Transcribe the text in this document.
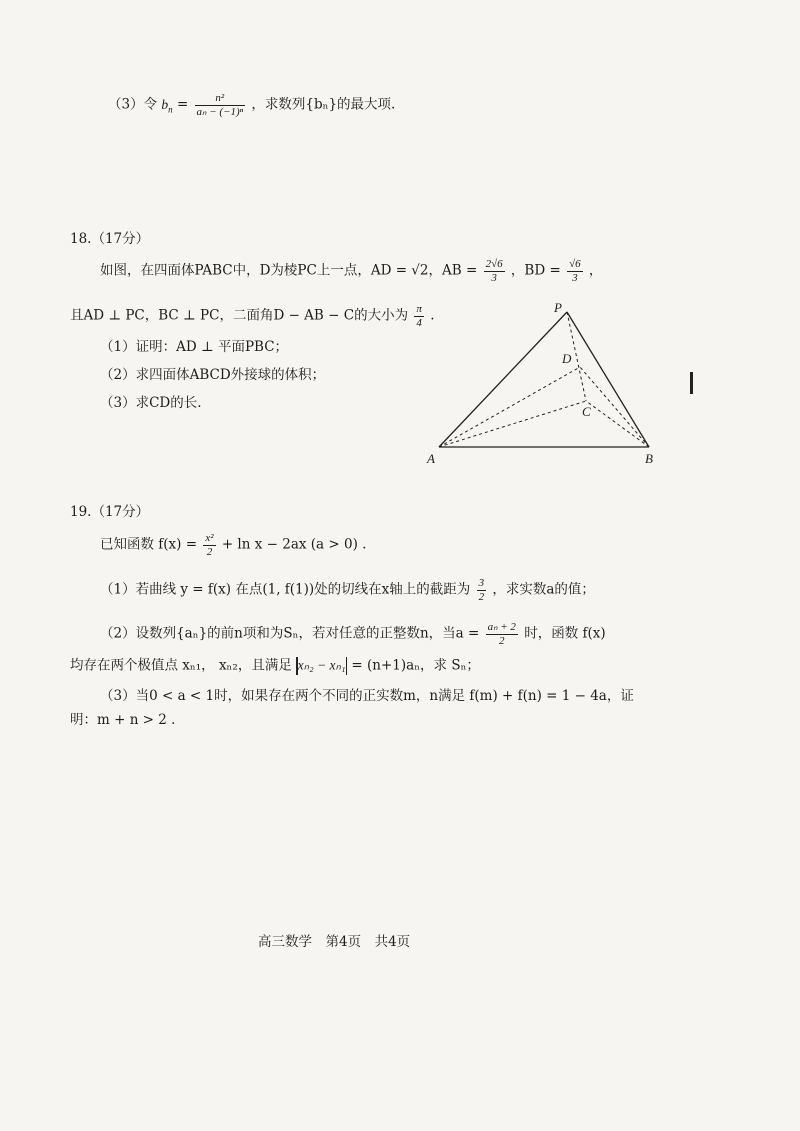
（3）令 $b_n = \frac{\text{n²}}{\text{aₙ − (−1)ⁿ}}$ ，求数列{bₙ}的最大项.
18.（17分）
如图，在四面体PABC中，D为棱PC上一点，AD = √2，AB = $\frac{2√6}{3}$ ，BD = $\frac{√6}{3}$ ，
且AD ⊥ PC，BC ⊥ PC，二面角D − AB − C的大小为 $\frac{\pi}{4}$ .
（1）证明：AD ⊥ 平面PBC；
（2）求四面体ABCD外接球的体积；
（3）求CD的长.
P
D
C
A	B
19.（17分）
已知函数 $f(x) = \frac{\text{x²}}{2} + \ln x - 2ax$ (a > 0) .
（1）若曲线 y = f(x) 在点(1, f(1))处的切线在x轴上的截距为 $\frac{3}{2}$ ，求实数a的值；
（2）设数列{aₙ}的前n项和为Sₙ，若对任意的正整数n，当$a = \frac{\text{aₙ + 2}}{2}$ 时，函数 f(x)
均存在两个极值点 xₙ₁， xₙ₂，且满足 xₙ₂ − xₙ₁ = (n+1)aₙ，求 Sₙ；
（3）当0 < a < 1时，如果存在两个不同的正实数m，n满足 f(m) + f(n) = 1 − 4a，证
明：m + n > 2 .
高三数学　第4页　共4页
